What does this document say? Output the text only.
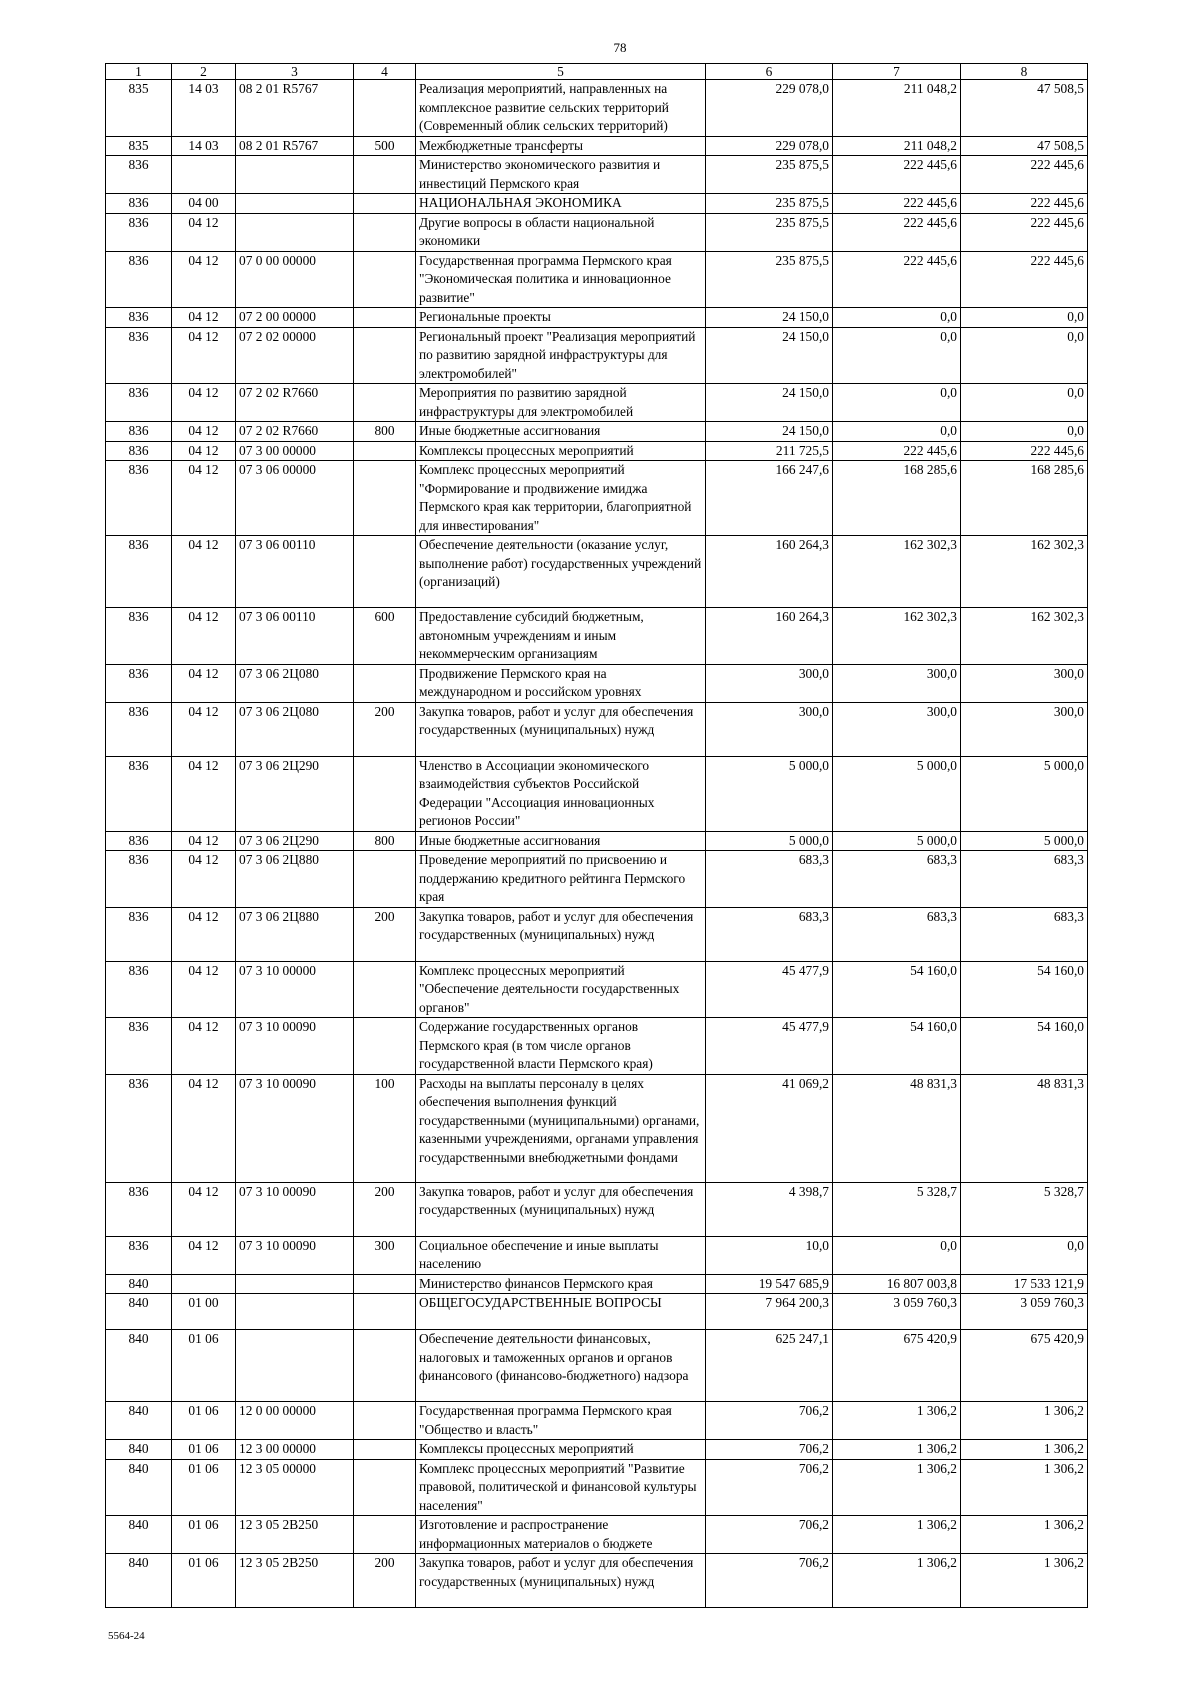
78
1	2	3	4	5	6	7	8
835	14 03	08 2 01 R5767		Реализация мероприятий, направленных на комплексное развитие сельских территорий (Современный облик сельских территорий)	229 078,0	211 048,2	47 508,5
835	14 03	08 2 01 R5767	500	Межбюджетные трансферты	229 078,0	211 048,2	47 508,5
836				Министерство экономического развития и инвестиций Пермского края	235 875,5	222 445,6	222 445,6
836	04 00			НАЦИОНАЛЬНАЯ ЭКОНОМИКА	235 875,5	222 445,6	222 445,6
836	04 12			Другие вопросы в области национальной экономики	235 875,5	222 445,6	222 445,6
836	04 12	07 0 00 00000		Государственная программа Пермского края "Экономическая политика и инновационное развитие"	235 875,5	222 445,6	222 445,6
836	04 12	07 2 00 00000		Региональные проекты	24 150,0	0,0	0,0
836	04 12	07 2 02 00000		Региональный проект "Реализация мероприятий по развитию зарядной инфраструктуры для электромобилей"	24 150,0	0,0	0,0
836	04 12	07 2 02 R7660		Мероприятия по развитию зарядной инфраструктуры для электромобилей	24 150,0	0,0	0,0
836	04 12	07 2 02 R7660	800	Иные бюджетные ассигнования	24 150,0	0,0	0,0
836	04 12	07 3 00 00000		Комплексы процессных мероприятий	211 725,5	222 445,6	222 445,6
836	04 12	07 3 06 00000		Комплекс процессных мероприятий "Формирование и продвижение имиджа Пермского края как территории, благоприятной для инвестирования"	166 247,6	168 285,6	168 285,6
836	04 12	07 3 06 00110		Обеспечение деятельности (оказание услуг, выполнение работ) государственных учреждений (организаций)	160 264,3	162 302,3	162 302,3
836	04 12	07 3 06 00110	600	Предоставление субсидий бюджетным, автономным учреждениям и иным некоммерческим организациям	160 264,3	162 302,3	162 302,3
836	04 12	07 3 06 2Ц080		Продвижение Пермского края на международном и российском уровнях	300,0	300,0	300,0
836	04 12	07 3 06 2Ц080	200	Закупка товаров, работ и услуг для обеспечения государственных (муниципальных) нужд	300,0	300,0	300,0
836	04 12	07 3 06 2Ц290		Членство в Ассоциации экономического взаимодействия субъектов Российской Федерации "Ассоциация инновационных регионов России"	5 000,0	5 000,0	5 000,0
836	04 12	07 3 06 2Ц290	800	Иные бюджетные ассигнования	5 000,0	5 000,0	5 000,0
836	04 12	07 3 06 2Ц880		Проведение мероприятий по присвоению и поддержанию кредитного рейтинга Пермского края	683,3	683,3	683,3
836	04 12	07 3 06 2Ц880	200	Закупка товаров, работ и услуг для обеспечения государственных (муниципальных) нужд	683,3	683,3	683,3
836	04 12	07 3 10 00000		Комплекс процессных мероприятий "Обеспечение деятельности государственных органов"	45 477,9	54 160,0	54 160,0
836	04 12	07 3 10 00090		Содержание государственных органов Пермского края (в том числе органов государственной власти Пермского края)	45 477,9	54 160,0	54 160,0
836	04 12	07 3 10 00090	100	Расходы на выплаты персоналу в целях обеспечения выполнения функций государственными (муниципальными) органами, казенными учреждениями, органами управления государственными внебюджетными фондами	41 069,2	48 831,3	48 831,3
836	04 12	07 3 10 00090	200	Закупка товаров, работ и услуг для обеспечения государственных (муниципальных) нужд	4 398,7	5 328,7	5 328,7
836	04 12	07 3 10 00090	300	Социальное обеспечение и иные выплаты населению	10,0	0,0	0,0
840				Министерство финансов Пермского края	19 547 685,9	16 807 003,8	17 533 121,9
840	01 00			ОБЩЕГОСУДАРСТВЕННЫЕ ВОПРОСЫ	7 964 200,3	3 059 760,3	3 059 760,3
840	01 06			Обеспечение деятельности финансовых, налоговых и таможенных органов и органов финансового (финансово-бюджетного) надзора	625 247,1	675 420,9	675 420,9
840	01 06	12 0 00 00000		Государственная программа Пермского края "Общество и власть"	706,2	1 306,2	1 306,2
840	01 06	12 3 00 00000		Комплексы процессных мероприятий	706,2	1 306,2	1 306,2
840	01 06	12 3 05 00000		Комплекс процессных мероприятий "Развитие правовой, политической и финансовой культуры населения"	706,2	1 306,2	1 306,2
840	01 06	12 3 05 2В250		Изготовление и распространение информационных материалов о бюджете	706,2	1 306,2	1 306,2
840	01 06	12 3 05 2В250	200	Закупка товаров, работ и услуг для обеспечения государственных (муниципальных) нужд	706,2	1 306,2	1 306,2
5564-24
